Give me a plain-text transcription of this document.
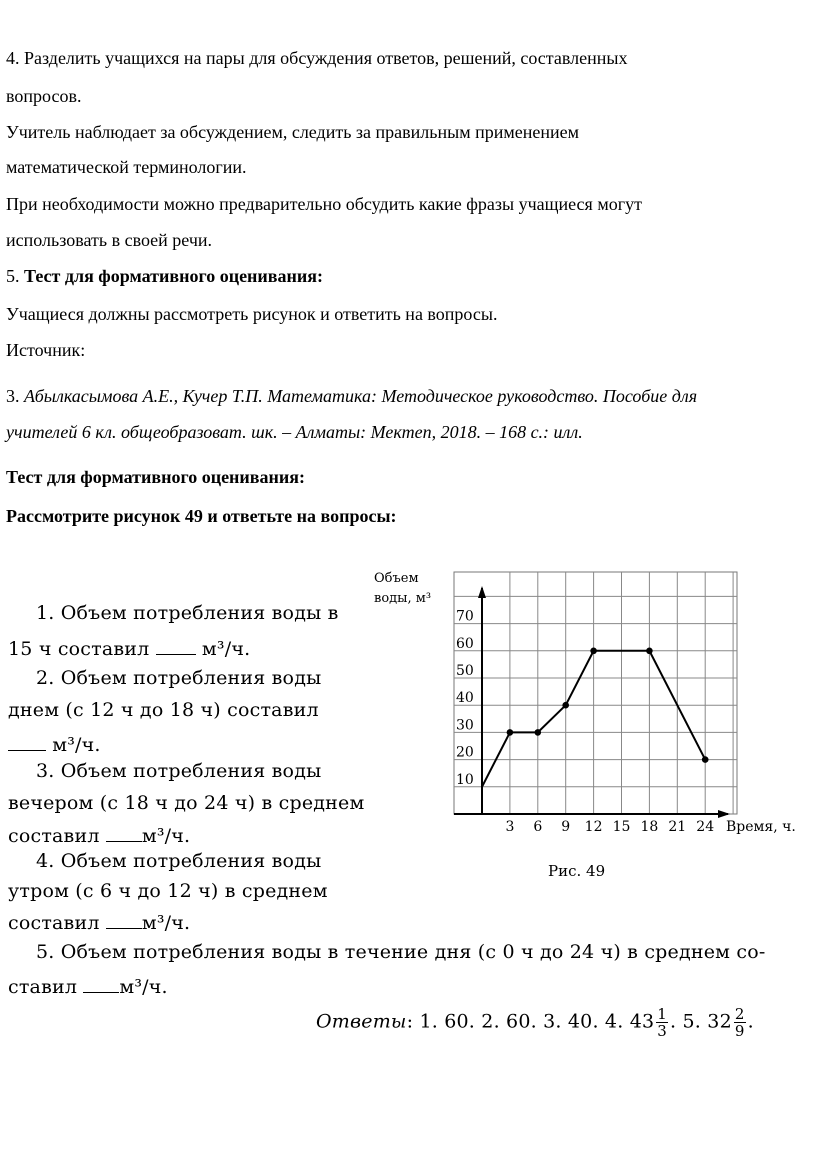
4. Разделить учащихся на пары для обсуждения ответов, решений, составленных
вопросов.
Учитель наблюдает за обсуждением, следить за правильным применением
математической терминологии.
При необходимости можно предварительно обсудить какие фразы учащиеся могут
использовать в своей речи.
5. Тест для формативного оценивания:
Учащиеся должны рассмотреть рисунок и ответить на вопросы.
Источник:
3. Абылкасымова А.Е., Кучер Т.П. Математика: Методическое руководство. Пособие для
учителей 6 кл. общеобразоват. шк. – Алматы: Мектеп, 2018. – 168 с.: илл.
Тест для формативного оценивания:
Рассмотрите рисунок 49 и ответьте на вопросы:
1. Объем потребления воды в
15 ч составил	м³/ч.
2. Объем потребления воды
днем (с 12 ч до 18 ч) составил
м³/ч.
3. Объем потребления воды
вечером (с 18 ч до 24 ч) в среднем
составил м³/ч.
4. Объем потребления воды
утром (с 6 ч до 12 ч) в среднем
составил м³/ч.
5. Объем потребления воды в течение дня (с 0 ч до 24 ч) в среднем со-
ставил м³/ч.
Ответы: 1. 60. 2. 60. 3. 40. 4. $43 \frac{1}{3}$ . 5. $32 \frac{2}{9}$ .
3 6 9 12 15 18 21 24
10
20
30
40
50
60
70
Объем
воды, м³
Время, ч.
Рис. 49
